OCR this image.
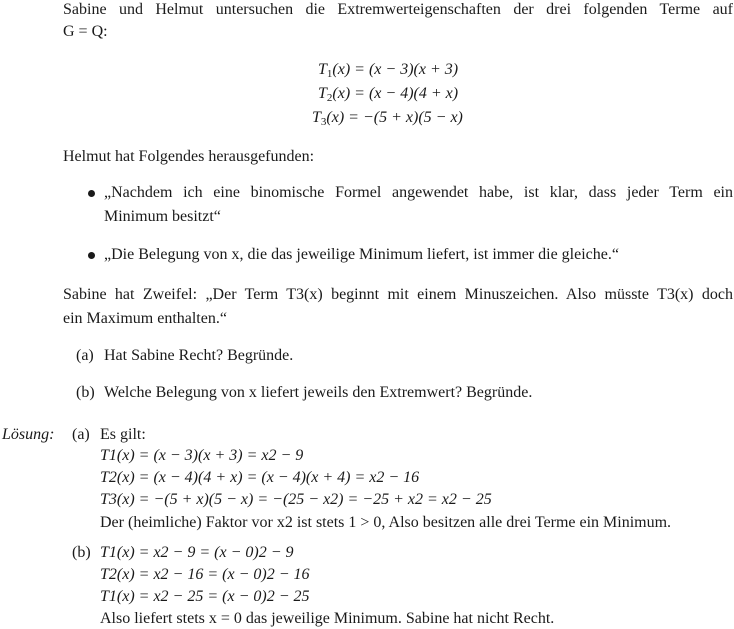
Sabine und Helmut untersuchen die Extremwerteigenschaften der drei folgenden Terme auf
G = Q:
$T_1(x) = (x - 3)(x + 3)$
$T_2(x) = (x - 4)(4 + x)$
$T_3(x) = -(5 + x)(5 - x)$
Helmut hat Folgendes herausgefunden:
„Nachdem ich eine binomische Formel angewendet habe, ist klar, dass jeder Term ein
Minimum besitzt“
„Die Belegung von x, die das jeweilige Minimum liefert, ist immer die gleiche.“
Sabine hat Zweifel: „Der Term T3(x) beginnt mit einem Minuszeichen. Also müsste T3(x) doch
ein Maximum enthalten.“
(a) Hat Sabine Recht? Begründe.
(b) Welche Belegung von x liefert jeweils den Extremwert? Begründe.
Lösung: (a) Es gilt:
T1(x) = (x − 3)(x + 3) = x2 − 9
T2(x) = (x − 4)(4 + x) = (x − 4)(x + 4) = x2 − 16
T3(x) = −(5 + x)(5 − x) = −(25 − x2) = −25 + x2 = x2 − 25
Der (heimliche) Faktor vor x2 ist stets 1 > 0, Also besitzen alle drei Terme ein Minimum.
(b) T1(x) = x2 − 9 = (x − 0)2 − 9
T2(x) = x2 − 16 = (x − 0)2 − 16
T1(x) = x2 − 25 = (x − 0)2 − 25
Also liefert stets x = 0 das jeweilige Minimum. Sabine hat nicht Recht.
